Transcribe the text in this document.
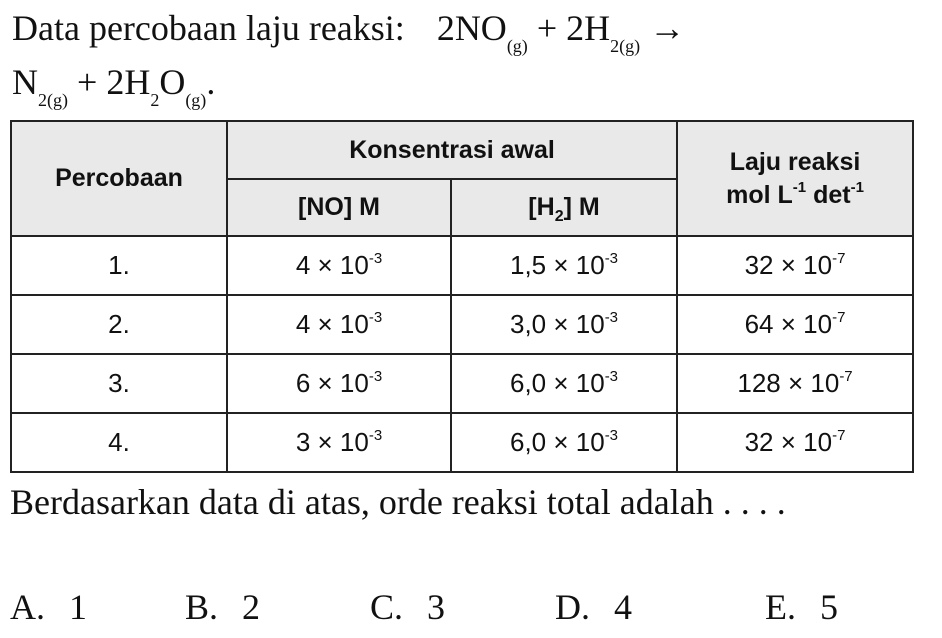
Data percobaan laju reaksi: $2NO_{(g)} + 2H_{2(g)}$ →
$N_{2(g)} + 2H_2O_{(g)}$.
Percobaan	Konsentrasi awal		Laju reaksi
mol $L^{-1}$ $\det^{-1}$

	[NO] M	$[H_2]$ M	
1.	$4 \times 10^{-3}$	$1,5 \times 10^{-3}$	$32 \times 10^{-7}$
2.	$4 \times 10^{-3}$	$3,0 \times 10^{-3}$	$64 \times 10^{-7}$
3.	$6 \times 10^{-3}$	$6,0 \times 10^{-3}$	$128 \times 10^{-7}$
4.	$3 \times 10^{-3}$	$6,0 \times 10^{-3}$	$32 \times 10^{-7}$
Berdasarkan data di atas, orde reaksi total adalah . . . .
A. 1	B. 2	C. 3	D. 4	E. 5
